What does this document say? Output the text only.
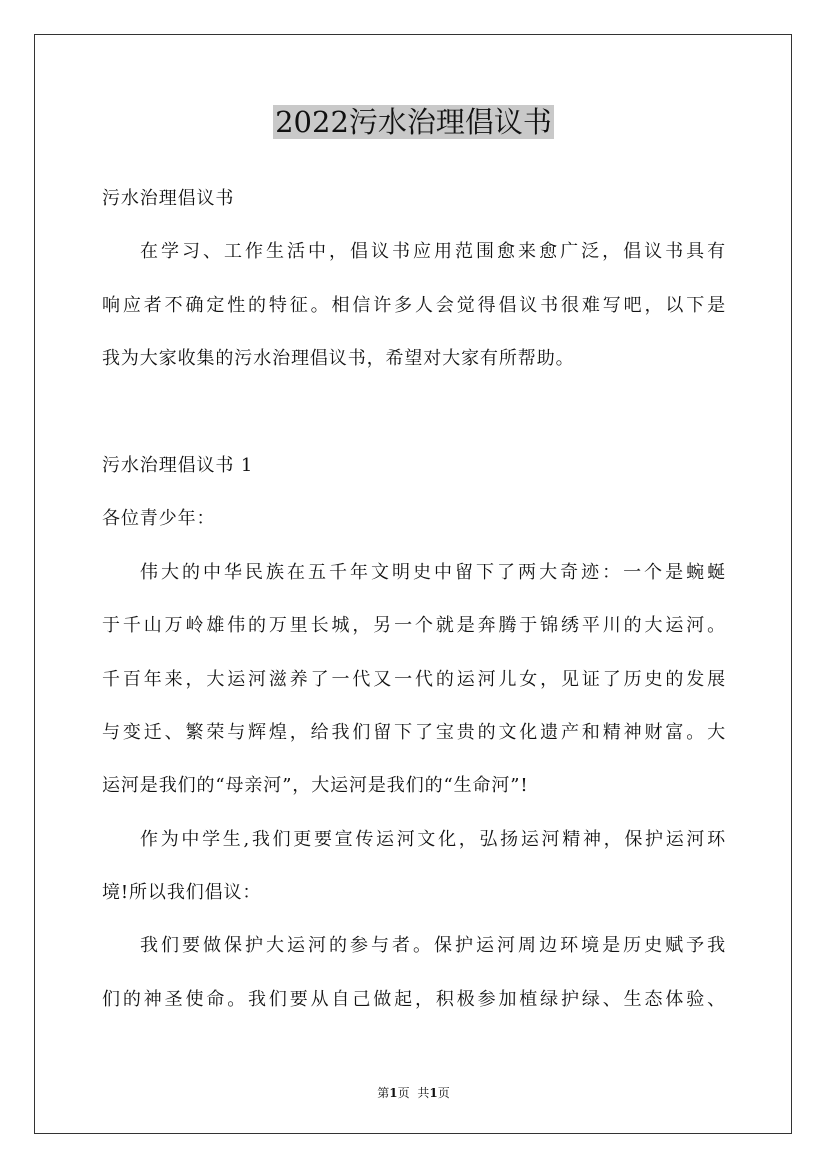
2022污水治理倡议书
污水治理倡议书
在学习、工作生活中，倡议书应用范围愈来愈广泛，倡议书具有
响应者不确定性的特征。相信许多人会觉得倡议书很难写吧，以下是
我为大家收集的污水治理倡议书，希望对大家有所帮助。
污水治理倡议书 1
各位青少年：
伟大的中华民族在五千年文明史中留下了两大奇迹：一个是蜿蜒
于千山万岭雄伟的万里长城，另一个就是奔腾于锦绣平川的大运河。
千百年来，大运河滋养了一代又一代的运河儿女，见证了历史的发展
与变迁、繁荣与辉煌，给我们留下了宝贵的文化遗产和精神财富。大
运河是我们的“母亲河”，大运河是我们的“生命河”!
作为中学生,我们更要宣传运河文化，弘扬运河精神，保护运河环
境!所以我们倡议：
我们要做保护大运河的参与者。保护运河周边环境是历史赋予我
们的神圣使命。我们要从自己做起，积极参加植绿护绿、生态体验、
第1页 共1页
